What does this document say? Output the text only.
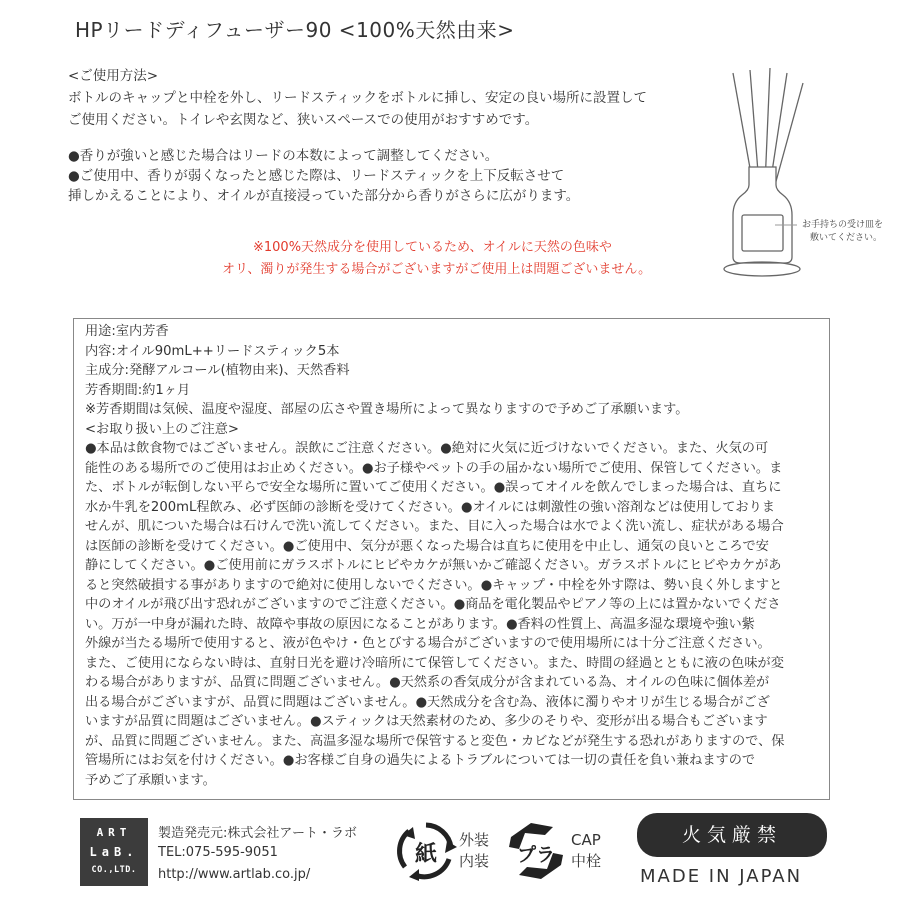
HPリードディフューザー90 <100%天然由来>
<ご使用方法>
ボトルのキャップと中栓を外し、リードスティックをボトルに挿し、安定の良い場所に設置して
ご使用ください。トイレや玄関など、狭いスペースでの使用がおすすめです。
●香りが強いと感じた場合はリードの本数によって調整してください。
●ご使用中、香りが弱くなったと感じた際は、リードスティックを上下反転させて
挿しかえることにより、オイルが直接浸っていた部分から香りがさらに広がります。
※100%天然成分を使用しているため、オイルに天然の色味や
オリ、濁りが発生する場合がございますがご使用上は問題ございません。
お手持ちの受け皿を
敷いてください。
用途:室内芳香
内容:オイル90mL++リードスティック5本
主成分:発酵アルコール(植物由来)、天然香料
芳香期間:約1ヶ月
※芳香期間は気候、温度や湿度、部屋の広さや置き場所によって異なりますので予めご了承願います。
<お取り扱い上のご注意>
●本品は飲食物ではございません。誤飲にご注意ください。●絶対に火気に近づけないでください。また、火気の可
能性のある場所でのご使用はお止めください。●お子様やペットの手の届かない場所でご使用、保管してください。ま
た、ボトルが転倒しない平らで安全な場所に置いてご使用ください。●誤ってオイルを飲んでしまった場合は、直ちに
水か牛乳を200mL程飲み、必ず医師の診断を受けてください。●オイルには刺激性の強い溶剤などは使用しておりま
せんが、肌についた場合は石けんで洗い流してください。また、目に入った場合は水でよく洗い流し、症状がある場合
は医師の診断を受けてください。●ご使用中、気分が悪くなった場合は直ちに使用を中止し、通気の良いところで安
静にしてください。●ご使用前にガラスボトルにヒビやカケが無いかご確認ください。ガラスボトルにヒビやカケがあ
ると突然破損する事がありますので絶対に使用しないでください。●キャップ・中栓を外す際は、勢い良く外しますと
中のオイルが飛び出す恐れがございますのでご注意ください。●商品を電化製品やピアノ等の上には置かないでくださ
い。万が一中身が漏れた時、故障や事故の原因になることがあります。●香料の性質上、高温多湿な環境や強い紫
外線が当たる場所で使用すると、液が色やけ・色とびする場合がございますので使用場所には十分ご注意ください。
また、ご使用にならない時は、直射日光を避け冷暗所にて保管してください。また、時間の経過とともに液の色味が変
わる場合がありますが、品質に問題ございません。●天然系の香気成分が含まれている為、オイルの色味に個体差が
出る場合がございますが、品質に問題はございません。●天然成分を含む為、液体に濁りやオリが生じる場合がござ
いますが品質に問題はございません。●スティックは天然素材のため、多少のそりや、変形が出る場合もございます
が、品質に問題ございません。また、高温多湿な場所で保管すると変色・カビなどが発生する恐れがありますので、保
管場所にはお気を付けください。●お客様ご自身の過失によるトラブルについては一切の責任を負い兼ねますので
予めご了承願います。
ART
LaB.
CO.,LTD.
製造発売元:株式会社アート・ラボ
TEL:075-595-9051
http://www.artlab.co.jp/
紙
外装
内装 プラ
CAP
中栓
火気厳禁
MADE IN JAPAN
